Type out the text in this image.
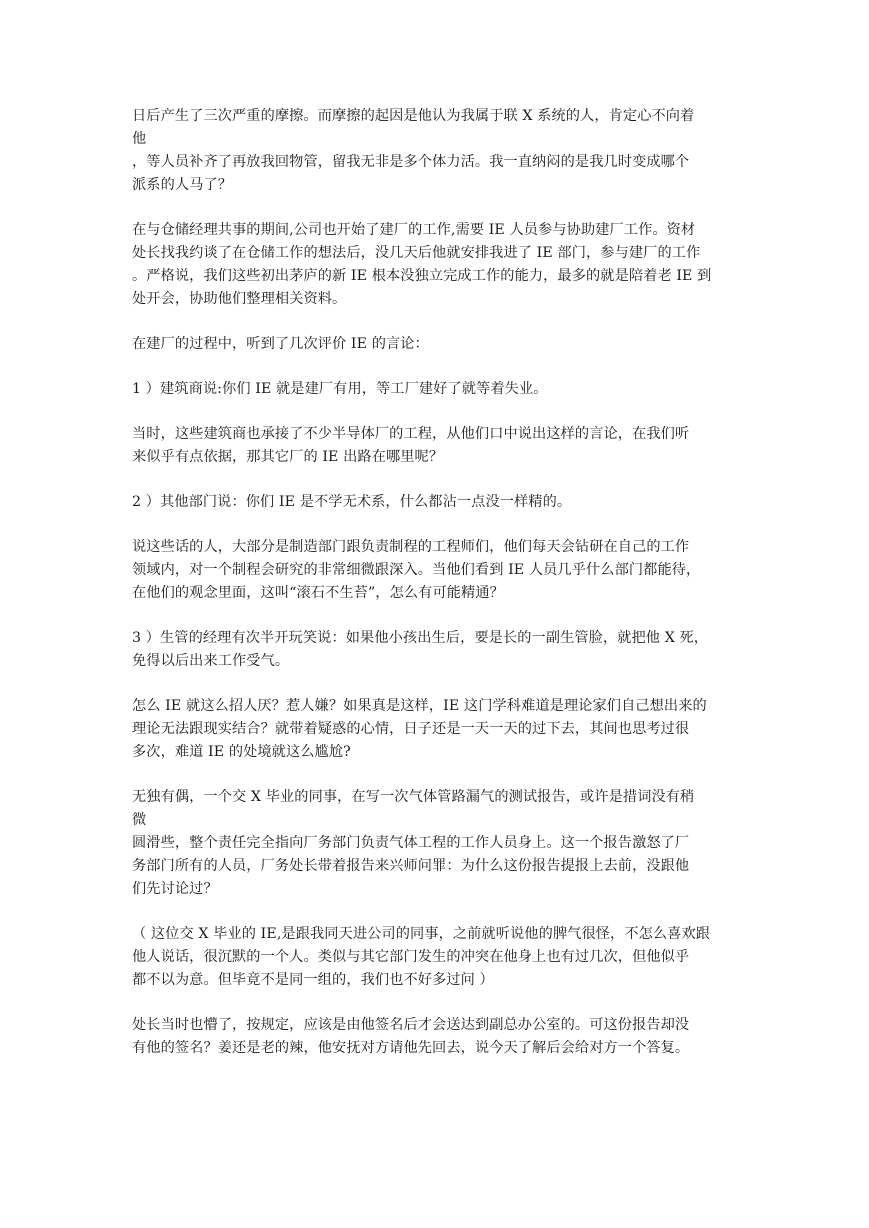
日后产生了三次严重的摩擦。而摩擦的起因是他认为我属于联 X 系统的人，肯定心不向着
他
，等人员补齐了再放我回物管，留我无非是多个体力活。我一直纳闷的是我几时变成哪个
派系的人马了？
在与仓储经理共事的期间,公司也开始了建厂的工作,需要 IE 人员参与协助建厂工作。资材
处长找我约谈了在仓储工作的想法后，没几天后他就安排我进了 IE 部门，参与建厂的工作
。严格说，我们这些初出茅庐的新 IE 根本没独立完成工作的能力，最多的就是陪着老 IE 到
处开会，协助他们整理相关资料。
在建厂的过程中，听到了几次评价 IE 的言论：
1 ）建筑商说:你们 IE 就是建厂有用，等工厂建好了就等着失业。
当时，这些建筑商也承接了不少半导体厂的工程，从他们口中说出这样的言论，在我们听
来似乎有点依据，那其它厂的 IE 出路在哪里呢？
2 ）其他部门说：你们 IE 是不学无术系，什么都沾一点没一样精的。
说这些话的人，大部分是制造部门跟负责制程的工程师们，他们每天会钻研在自己的工作
领域内，对一个制程会研究的非常细微跟深入。当他们看到 IE 人员几乎什么部门都能待，
在他们的观念里面，这叫“滚石不生苔”，怎么有可能精通？
3 ）生管的经理有次半开玩笑说：如果他小孩出生后，要是长的一副生管脸，就把他 X 死，
免得以后出来工作受气。
怎么 IE 就这么招人厌？惹人嫌？如果真是这样，IE 这门学科难道是理论家们自己想出来的
理论无法跟现实结合？就带着疑惑的心情，日子还是一天一天的过下去，其间也思考过很
多次，难道 IE 的处境就这么尴尬?
无独有偶，一个交 X 毕业的同事，在写一次气体管路漏气的测试报告，或许是措词没有稍
微
圆滑些，整个责任完全指向厂务部门负责气体工程的工作人员身上。这一个报告激怒了厂
务部门所有的人员，厂务处长带着报告来兴师问罪：为什么这份报告提报上去前，没跟他
们先讨论过？
（ 这位交 X 毕业的 IE,是跟我同天进公司的同事，之前就听说他的脾气很怪，不怎么喜欢跟
他人说话，很沉默的一个人。类似与其它部门发生的冲突在他身上也有过几次，但他似乎
都不以为意。但毕竟不是同一组的，我们也不好多过问 ）
处长当时也懵了，按规定，应该是由他签名后才会送达到副总办公室的。可这份报告却没
有他的签名？姜还是老的辣，他安抚对方请他先回去，说今天了解后会给对方一个答复。
